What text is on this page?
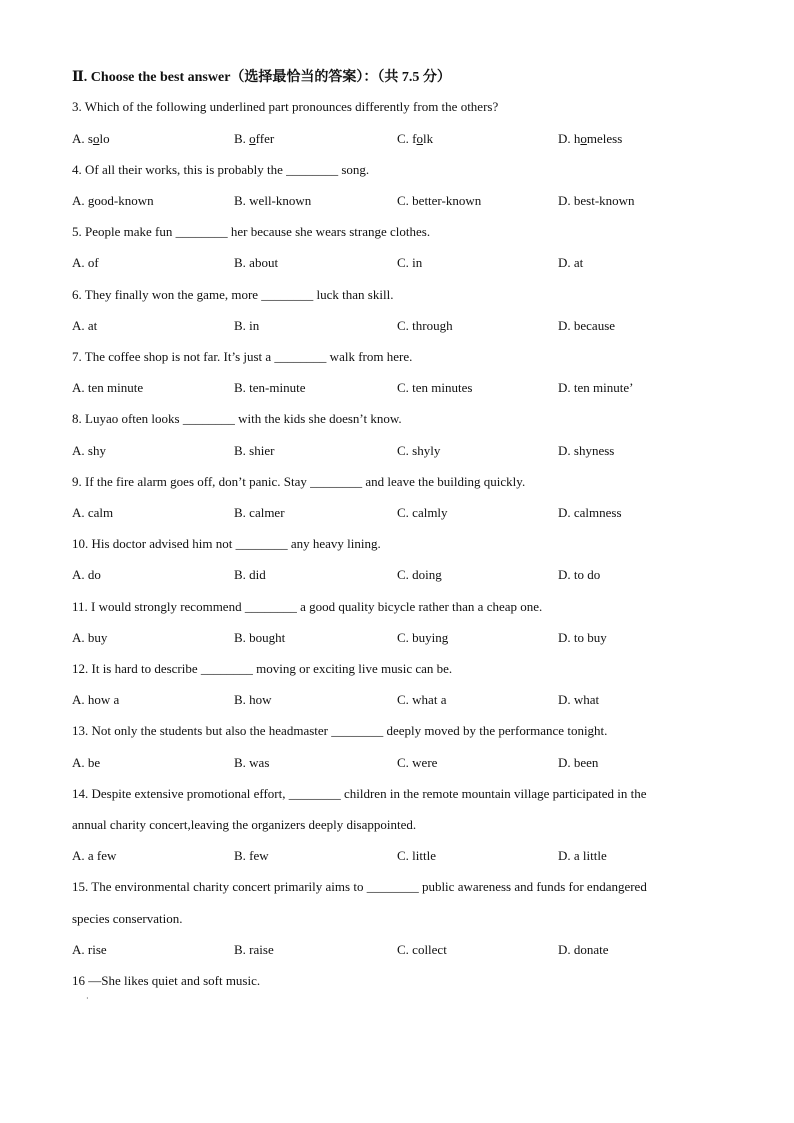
Ⅱ. Choose the best answer（选择最恰当的答案）：（共 7.5 分）
3. Which of the following underlined part pronounces differently from the others?
A. solo	B. offer	C. folk	D. homeless
4. Of all their works, this is probably the ________ song.
A. good-known	B. well-known	C. better-known	D. best-known
5. People make fun ________ her because she wears strange clothes.
A. of	B. about	C. in	D. at
6. They finally won the game, more ________ luck than skill.
A. at	B. in	C. through	D. because
7. The coffee shop is not far. It’s just a ________ walk from here.
A. ten minute	B. ten-minute	C. ten minutes	D. ten minute’
8. Luyao often looks ________ with the kids she doesn’t know.
A. shy	B. shier	C. shyly	D. shyness
9. If the fire alarm goes off, don’t panic. Stay ________ and leave the building quickly.
A. calm	B. calmer	C. calmly	D. calmness
10. His doctor advised him not ________ any heavy lining.
A. do	B. did	C. doing	D. to do
11. I would strongly recommend ________ a good quality bicycle rather than a cheap one.
A. buy	B. bought	C. buying	D. to buy
12. It is hard to describe ________ moving or exciting live music can be.
A. how a	B. how	C. what a	D. what
13. Not only the students but also the headmaster ________ deeply moved by the performance tonight.
A. be	B. was	C. were	D. been
14. Despite extensive promotional effort, ________ children in the remote mountain village participated in the
annual charity concert,leaving the organizers deeply disappointed.
A. a few	B. few	C. little	D. a little
15. The environmental charity concert primarily aims to ________ public awareness and funds for endangered
species conservation.
A. rise	B. raise	C. collect	D. donate
16 —She likes quiet and soft music.
·
